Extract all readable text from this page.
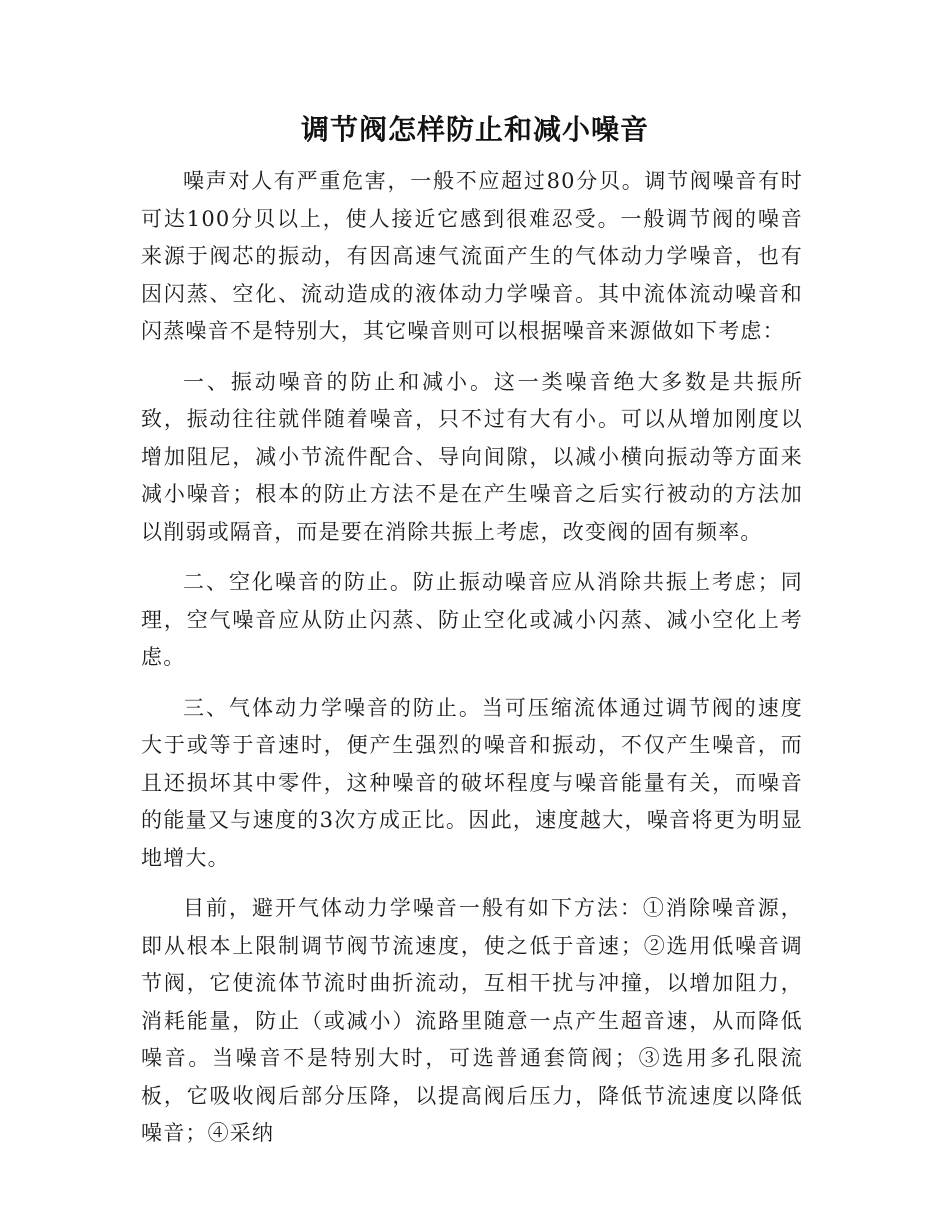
调节阀怎样防止和减小噪音

噪声对人有严重危害，一般不应超过80分贝。调节阀噪音有时可达100分贝以上，使人接近它感到很难忍受。一般调节阀的噪音来源于阀芯的振动，有因高速气流面产生的气体动力学噪音，也有因闪蒸、空化、流动造成的液体动力学噪音。其中流体流动噪音和闪蒸噪音不是特别大，其它噪音则可以根据噪音来源做如下考虑：

一、振动噪音的防止和减小。这一类噪音绝大多数是共振所致，振动往往就伴随着噪音，只不过有大有小。可以从增加刚度以增加阻尼，减小节流件配合、导向间隙，以减小横向振动等方面来减小噪音；根本的防止方法不是在产生噪音之后实行被动的方法加以削弱或隔音，而是要在消除共振上考虑，改变阀的固有频率。

二、空化噪音的防止。防止振动噪音应从消除共振上考虑；同理，空气噪音应从防止闪蒸、防止空化或减小闪蒸、减小空化上考虑。

三、气体动力学噪音的防止。当可压缩流体通过调节阀的速度大于或等于音速时，便产生强烈的噪音和振动，不仅产生噪音，而且还损坏其中零件，这种噪音的破坏程度与噪音能量有关，而噪音的能量又与速度的3次方成正比。因此，速度越大，噪音将更为明显地增大。

目前，避开气体动力学噪音一般有如下方法：①消除噪音源，即从根本上限制调节阀节流速度，使之低于音速；②选用低噪音调节阀，它使流体节流时曲折流动，互相干扰与冲撞，以增加阻力，消耗能量，防止（或减小）流路里随意一点产生超音速，从而降低噪音。当噪音不是特别大时，可选普通套筒阀；③选用多孔限流板，它吸收阀后部分压降，以提高阀后压力，降低节流速度以降低噪音；④采纳
